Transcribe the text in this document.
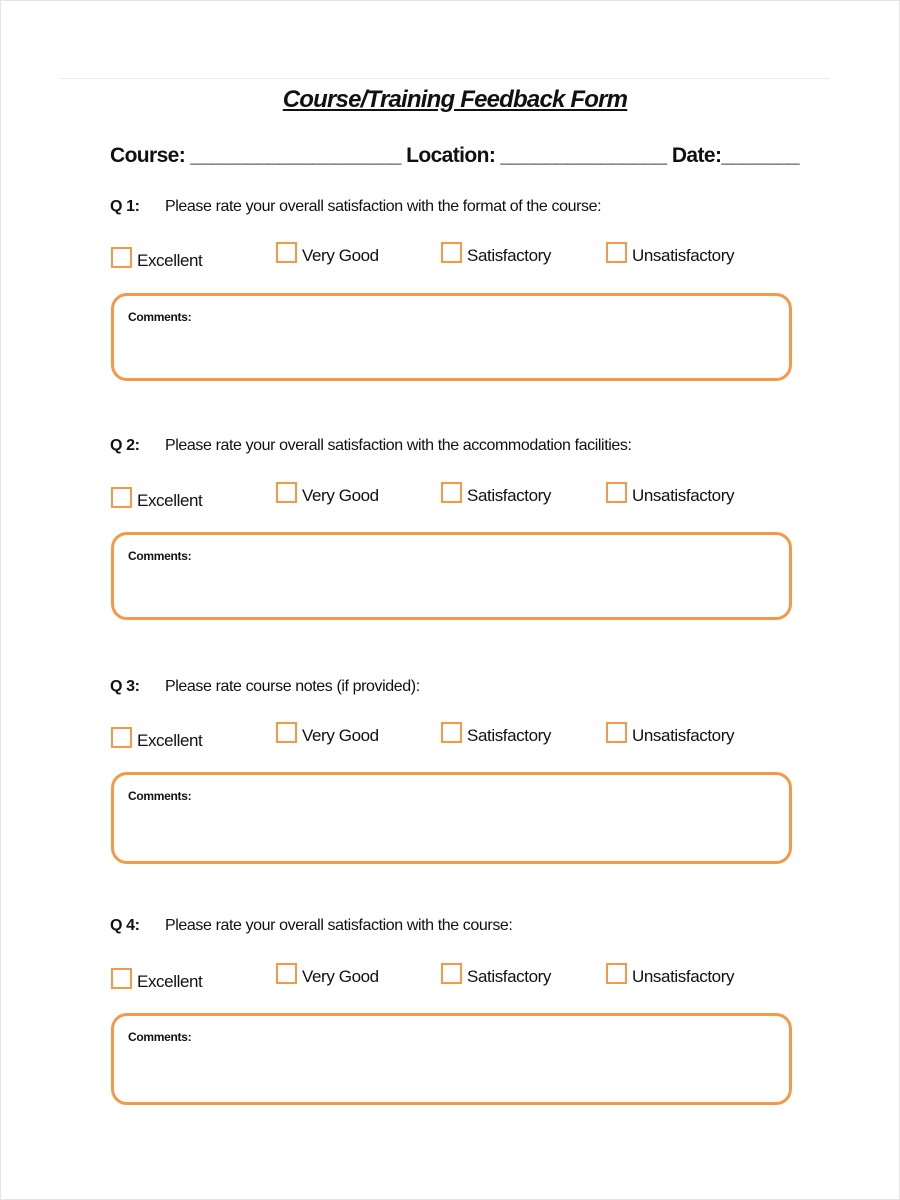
Course/Training Feedback Form
Course: ___________________ Location: _______________ Date:_______
Q 1: Please rate your overall satisfaction with the format of the course:
Excellent	Very Good	Satisfactory	Unsatisfactory
Comments:
Q 2: Please rate your overall satisfaction with the accommodation facilities:
Excellent	Very Good	Satisfactory	Unsatisfactory
Comments:
Q 3: Please rate course notes (if provided):
Excellent	Very Good	Satisfactory	Unsatisfactory
Comments:
Q 4: Please rate your overall satisfaction with the course:
Excellent	Very Good	Satisfactory	Unsatisfactory
Comments:
